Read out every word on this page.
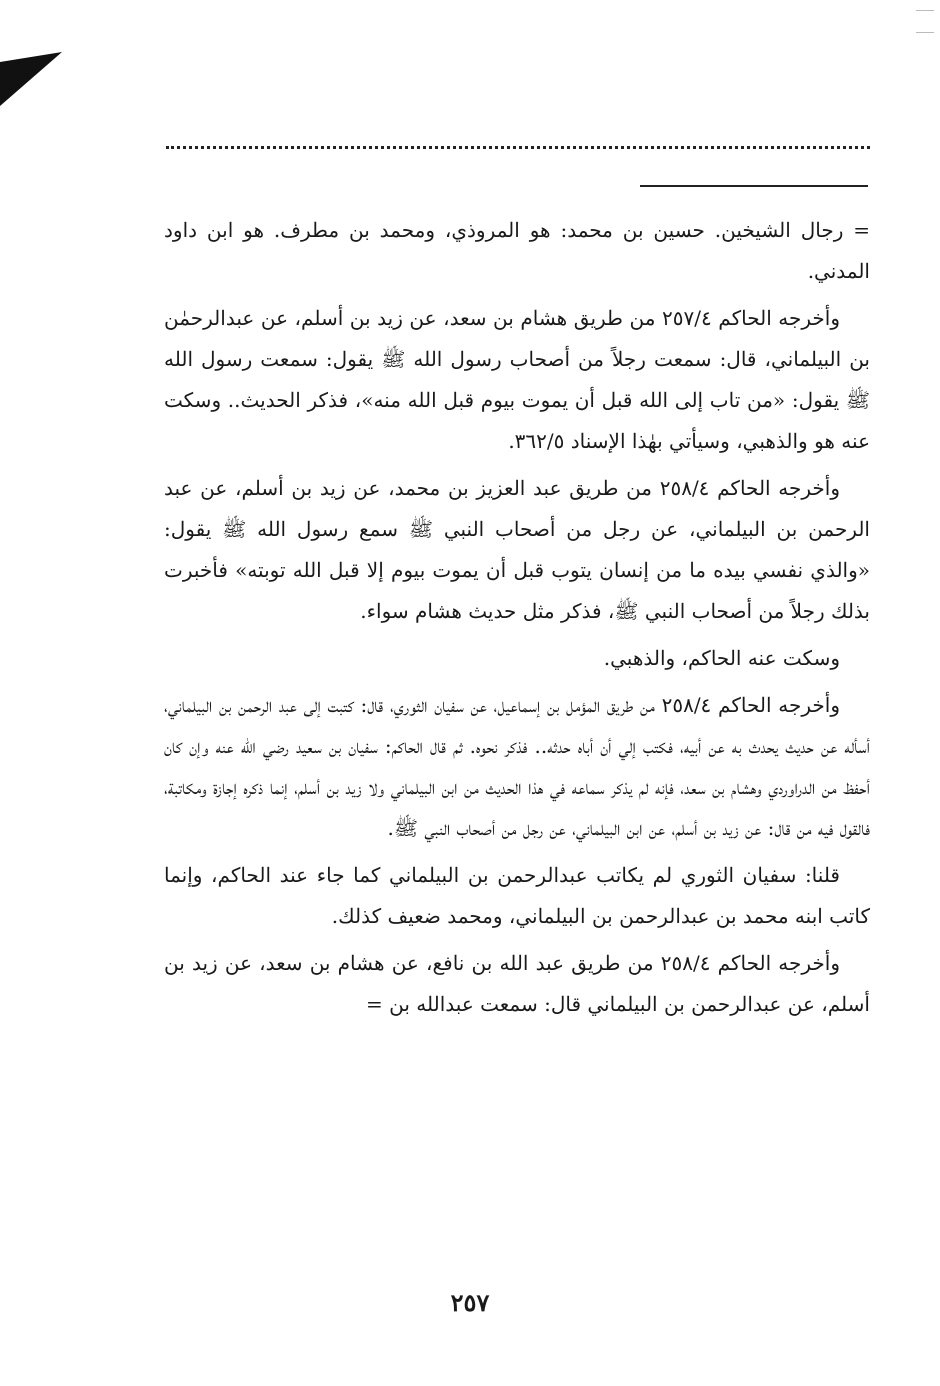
= رجال الشيخين. حسين بن محمد: هو المروذي، ومحمد بن مطرف. هو ابن داود المدني.

وأخرجه الحاكم ٢٥٧/٤ من طريق هشام بن سعد، عن زيد بن أسلم، عن عبدالرحمٰن بن البيلماني، قال: سمعت رجلاً من أصحاب رسول الله ﷺ يقول: سمعت رسول الله ﷺ يقول: «من تاب إلى الله قبل أن يموت بيوم قبل الله منه»، فذكر الحديث.. وسكت عنه هو والذهبي، وسيأتي بهٰذا الإسناد ٣٦٢/٥.

وأخرجه الحاكم ٢٥٨/٤ من طريق عبد العزيز بن محمد، عن زيد بن أسلم، عن عبد الرحمن بن البيلماني، عن رجل من أصحاب النبي ﷺ سمع رسول الله ﷺ يقول: «والذي نفسي بيده ما من إنسان يتوب قبل أن يموت بيوم إلا قبل الله توبته» فأخبرت بذلك رجلاً من أصحاب النبي ﷺ، فذكر مثل حديث هشام سواء.

وسكت عنه الحاكم، والذهبي.

وأخرجه الحاكم ٢٥٨/٤ من طريق المؤمل بن إسماعيل، عن سفيان الثوري، قال: كتبت إلى عبد الرحمن بن البيلماني، أسأله عن حديث يحدث به عن أبيه، فكتب إلي أن أباه حدثه.. فذكر نحوه. ثم قال الحاكم: سفيان بن سعيد رضي الله عنه وإن كان أحفظ من الدراوردي وهشام بن سعد، فإنه لم يذكر سماعه في هذا الحديث من ابن البيلماني ولا زيد بن أسلم، إنما ذكره إجازة ومكاتبة، فالقول فيه من قال: عن زيد بن أسلم، عن ابن البيلماني، عن رجل من أصحاب النبي ﷺ.

قلنا: سفيان الثوري لم يكاتب عبدالرحمن بن البيلماني كما جاء عند الحاكم، وإنما كاتب ابنه محمد بن عبدالرحمن بن البيلماني، ومحمد ضعيف كذلك.

وأخرجه الحاكم ٢٥٨/٤ من طريق عبد الله بن نافع، عن هشام بن سعد، عن زيد بن أسلم، عن عبدالرحمن بن البيلماني قال: سمعت عبدالله بن =

٢٥٧
